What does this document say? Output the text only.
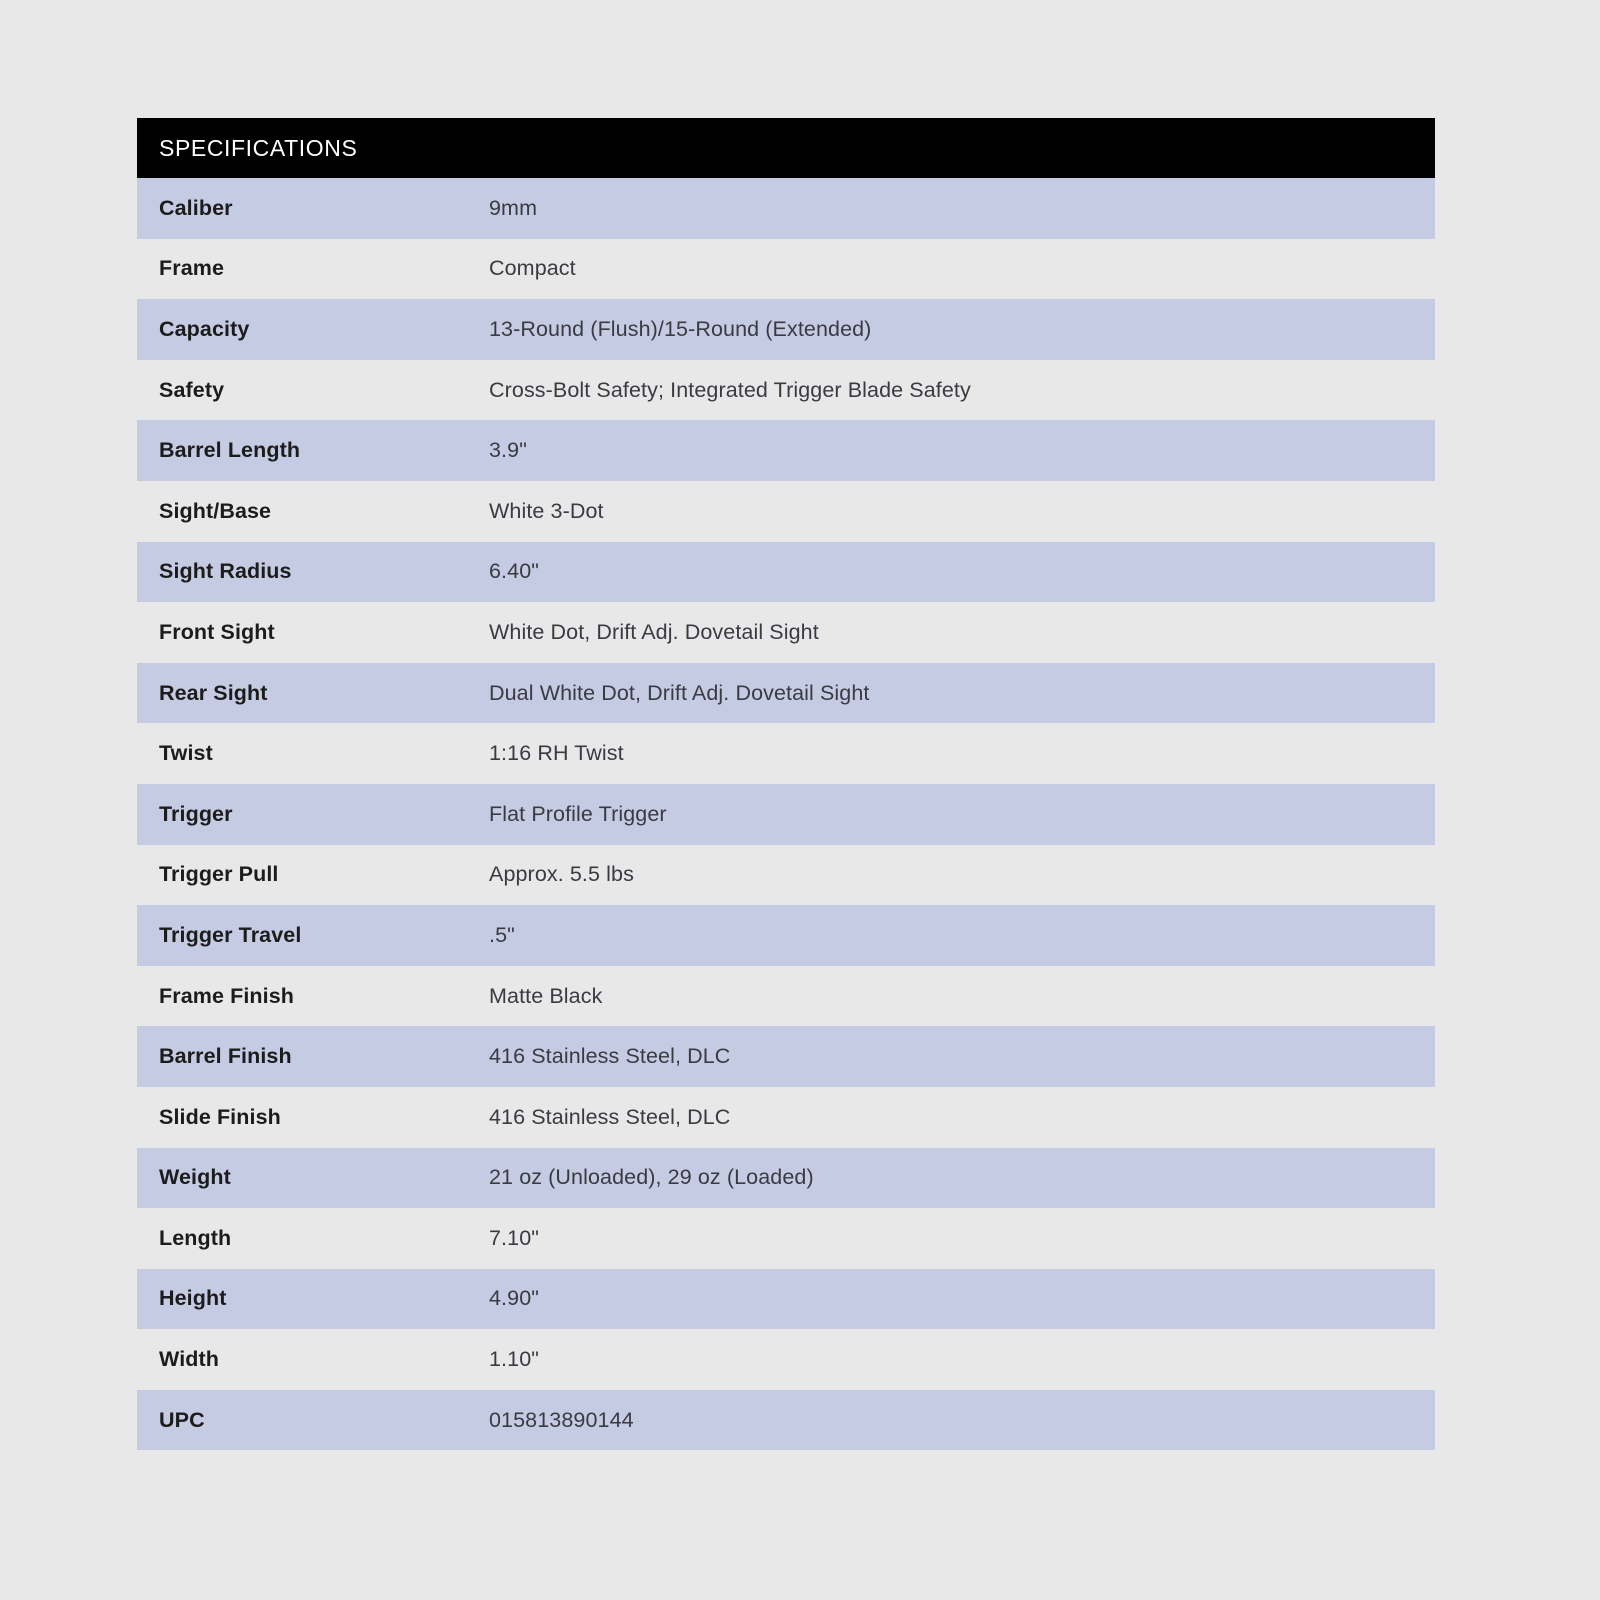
SPECIFICATIONS
Caliber	9mm
Frame	Compact
Capacity	13-Round (Flush)/15-Round (Extended)
Safety	Cross-Bolt Safety; Integrated Trigger Blade Safety
Barrel Length	3.9"
Sight/Base	White 3-Dot
Sight Radius	6.40"
Front Sight	White Dot, Drift Adj. Dovetail Sight
Rear Sight	Dual White Dot, Drift Adj. Dovetail Sight
Twist	1:16 RH Twist
Trigger	Flat Profile Trigger
Trigger Pull	Approx. 5.5 lbs
Trigger Travel	.5"
Frame Finish	Matte Black
Barrel Finish	416 Stainless Steel, DLC
Slide Finish	416 Stainless Steel, DLC
Weight	21 oz (Unloaded), 29 oz (Loaded)
Length	7.10"
Height	4.90"
Width	1.10"
UPC	015813890144
